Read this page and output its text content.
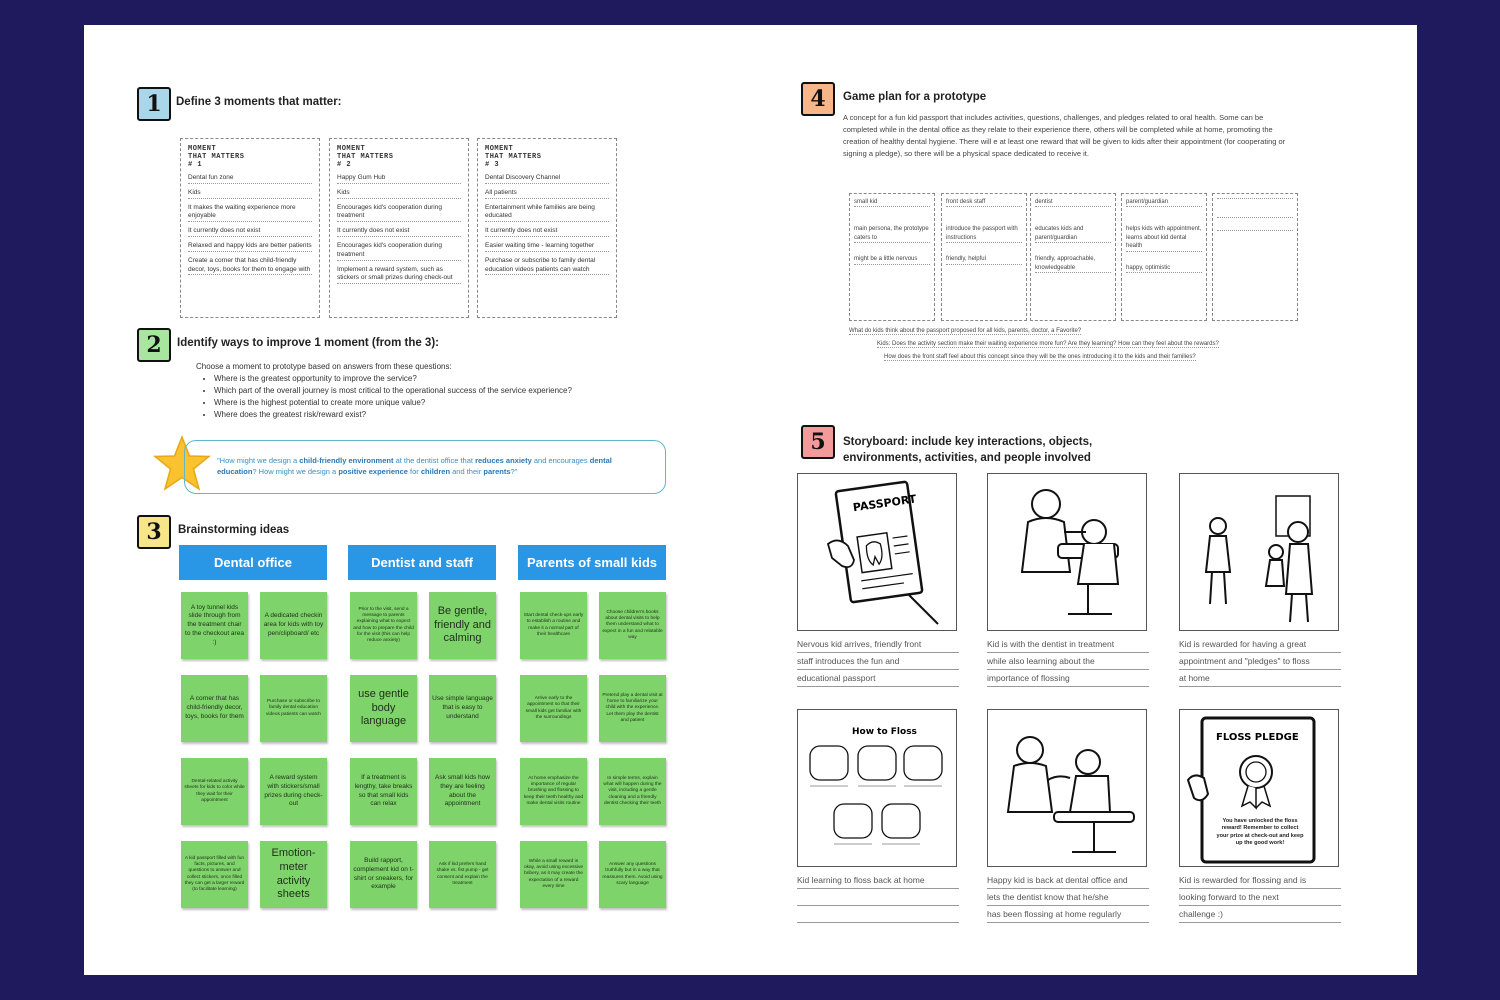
1 Define 3 moments that matter:
MOMENT
THAT MATTERS
# 1
Dental fun zone
Kids
It makes the waiting experience more enjoyable
It currently does not exist
Relaxed and happy kids are better patients
Create a corner that has child-friendly decor, toys, books for them to engage with
MOMENT
THAT MATTERS
# 2
Happy Gum Hub
Kids
Encourages kid's cooperation during treatment
It currently does not exist
Encourages kid's cooperation during treatment
Implement a reward system, such as stickers or small prizes during check-out
MOMENT
THAT MATTERS
# 3
Dental Discovery Channel
All patients
Entertainment while families are being educated
It currently does not exist
Easier waiting time - learning together
Purchase or subscribe to family dental education videos patients can watch
2 Identify ways to improve 1 moment (from the 3):
Choose a moment to prototype based on answers from these questions:
• Where is the greatest opportunity to improve the service?
• Which part of the overall journey is most critical to the operational success of the service experience?
• Where is the highest potential to create more unique value?
• Where does the greatest risk/reward exist?
"How might we design a child-friendly environment at the dentist office that reduces anxiety and encourages dental education? How might we design a positive experience for children and their parents?"
3 Brainstorming ideas
Dental office
A toy tunnel kids slide through from the treatment chair to the checkout area :)
A dedicated checkin area for kids with toy pen/clipboard/ etc
A corner that has child-friendly decor, toys, books for them
Purchase or subscribe to family dental education videos patients can watch
Dental-related activity sheets for kids to color while they wait for their appointment
A reward system with stickers/small prizes during check-out
A kid passport filled with fun facts, pictures, and questions to answer and collect stickers, once filled they can get a larger reward (to facilitate learning)
Emotion-meter activity sheets
Dentist and staff
Prior to the visit, send a message to parents explaining what to expect and how to prepare the child for the visit (this can help reduce anxiety)
Be gentle, friendly and calming
use gentle body language
Use simple language that is easy to understand
If a treatment is lengthy, take breaks so that small kids can relax
Ask small kids how they are feeling about the appointment
Build rapport, complement kid on t-shirt or sneakers, for example
Ask if kid prefers hand shake vs. fist pump - get consent and explain the treatment
Parents of small kids
Start dental check-ups early to establish a routine and make it a normal part of their healthcare
Choose children's books about dental visits to help them understand what to expect in a fun and relatable way
Arrive early to the appointment so that their small kids get familiar with the surroundings
Pretend play a dental visit at home to familiarize your child with the experience. Let them play the dentist and patient
At home emphasize the importance of regular brushing and flossing to keep their teeth healthy and make dental visits routine
In simple terms, explain what will happen during the visit, including a gentle cleaning and a friendly dentist checking their teeth
While a small reward is okay, avoid using excessive bribery, as it may create the expectation of a reward every time
Answer any questions truthfully but in a way that reassures them. Avoid using scary language
4 Game plan for a prototype
A concept for a fun kid passport that includes activities, questions, challenges, and pledges related to oral health. Some can be completed while in the dental office as they relate to their experience there, others will be completed while at home, promoting the creation of healthy dental hygiene. There will e at least one reward that will be given to kids after their appointment (for cooperating or signing a pledge), so there will be a physical space dedicated to receive it.
small kid
main persona, the prototype caters to
might be a little nervous
front desk staff
introduce the passport with instructions
friendly, helpful
dentist
educates kids and parent/guardian
friendly, approachable, knowledgeable
parent/guardian
helps kids with appointment, learns about kid dental health
happy, optimistic
What do kids think about the passport proposed for all kids, parents, doctor, a Favorite?
Kids: Does the activity section make their waiting experience more fun? Are they learning? How can they feel about the rewards?
How does the front staff feel about this concept since they will be the ones introducing it to the kids and their families?
5 Storyboard: include key interactions, objects,
environments, activities, and people involved
PASSPORT
Nervous kid arrives, friendly front
staff introduces the fun and
educational passport
Kid is with the dentist in treatment
while also learning about the
importance of flossing
Kid is rewarded for having a great
appointment and "pledges" to floss
at home
How to Floss
Kid learning to floss back at home	Happy kid is back at dental office and
lets the dentist know that he/she
has been flossing at home regularly
FLOSS PLEDGE
You have unlocked the floss reward! Remember to collect your prize at check-out and keep up the good work!
Kid is rewarded for flossing and is
looking forward to the next
challenge :)
